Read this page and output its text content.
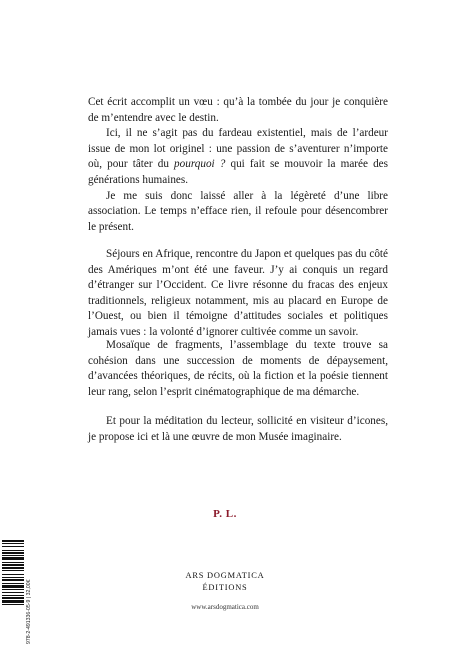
Cet écrit accomplit un vœu : qu’à la tombée du jour je conquière de m’entendre avec le destin.

Ici, il ne s’agit pas du fardeau existentiel, mais de l’ardeur issue de mon lot originel : une passion de s’aventurer n’importe où, pour tâter du pourquoi ? qui fait se mouvoir la marée des générations humaines.

Je me suis donc laissé aller à la légèreté d’une libre association. Le temps n’efface rien, il refoule pour désencombrer le présent.

Séjours en Afrique, rencontre du Japon et quelques pas du côté des Amériques m’ont été une faveur. J’y ai conquis un regard d’étranger sur l’Occident. Ce livre résonne du fracas des enjeux traditionnels, religieux notamment, mis au placard en Europe de l’Ouest, ou bien il témoigne d’attitudes sociales et politiques jamais vues : la volonté d’ignorer cultivée comme un savoir.

Mosaïque de fragments, l’assemblage du texte trouve sa cohésion dans une succession de moments de dépaysement, d’avancées théoriques, de récits, où la fiction et la poésie tiennent leur rang, selon l’esprit cinématographique de ma démarche.

Et pour la méditation du lecteur, sollicité en visiteur d’icones, je propose ici et là une œuvre de mon Musée imaginaire.

P. L.
ARS DOGMATICA
ÉDITIONS
www.arsdogmatica.com
978-2-491336-05-9 | 32,00€
